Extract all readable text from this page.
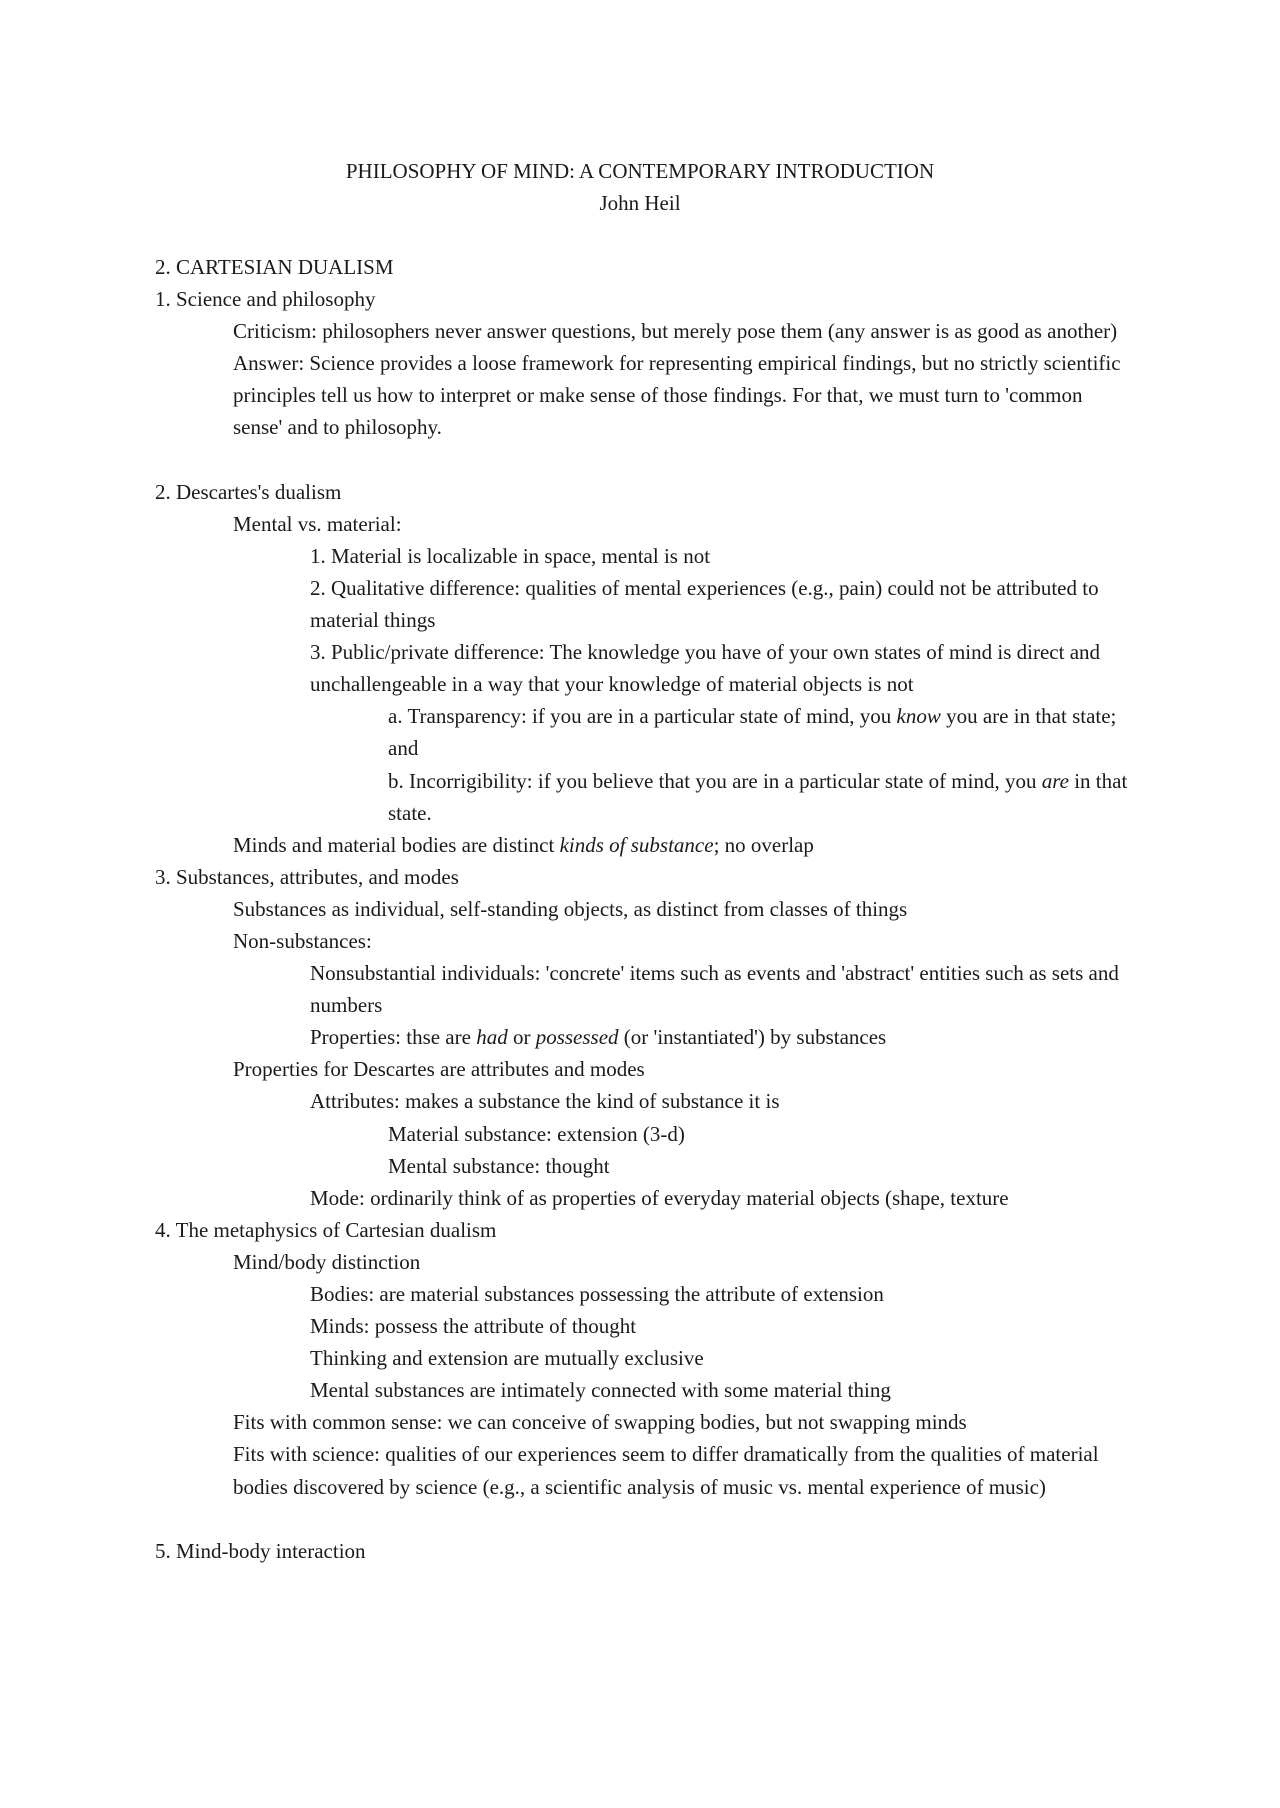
PHILOSOPHY OF MIND: A CONTEMPORARY INTRODUCTION
John Heil

2. CARTESIAN DUALISM

1. Science and philosophy

Criticism: philosophers never answer questions, but merely pose them (any answer is as good as another)

Answer: Science provides a loose framework for representing empirical findings, but no strictly scientific principles tell us how to interpret or make sense of those findings. For that, we must turn to 'common sense' and to philosophy.

2. Descartes's dualism

Mental vs. material:

1. Material is localizable in space, mental is not

2. Qualitative difference: qualities of mental experiences (e.g., pain) could not be attributed to material things

3. Public/private difference: The knowledge you have of your own states of mind is direct and unchallengeable in a way that your knowledge of material objects is not

a. Transparency: if you are in a particular state of mind, you know you are in that state; and

b. Incorrigibility: if you believe that you are in a particular state of mind, you are in that state.

Minds and material bodies are distinct kinds of substance; no overlap

3. Substances, attributes, and modes

Substances as individual, self-standing objects, as distinct from classes of things

Non-substances:

Nonsubstantial individuals: 'concrete' items such as events and 'abstract' entities such as sets and numbers

Properties: thse are had or possessed (or 'instantiated') by substances

Properties for Descartes are attributes and modes

Attributes: makes a substance the kind of substance it is

Material substance: extension (3-d)

Mental substance: thought

Mode: ordinarily think of as properties of everyday material objects (shape, texture

4. The metaphysics of Cartesian dualism

Mind/body distinction

Bodies: are material substances possessing the attribute of extension

Minds: possess the attribute of thought

Thinking and extension are mutually exclusive

Mental substances are intimately connected with some material thing

Fits with common sense: we can conceive of swapping bodies, but not swapping minds

Fits with science: qualities of our experiences seem to differ dramatically from the qualities of material bodies discovered by science (e.g., a scientific analysis of music vs. mental experience of music)

5. Mind-body interaction
